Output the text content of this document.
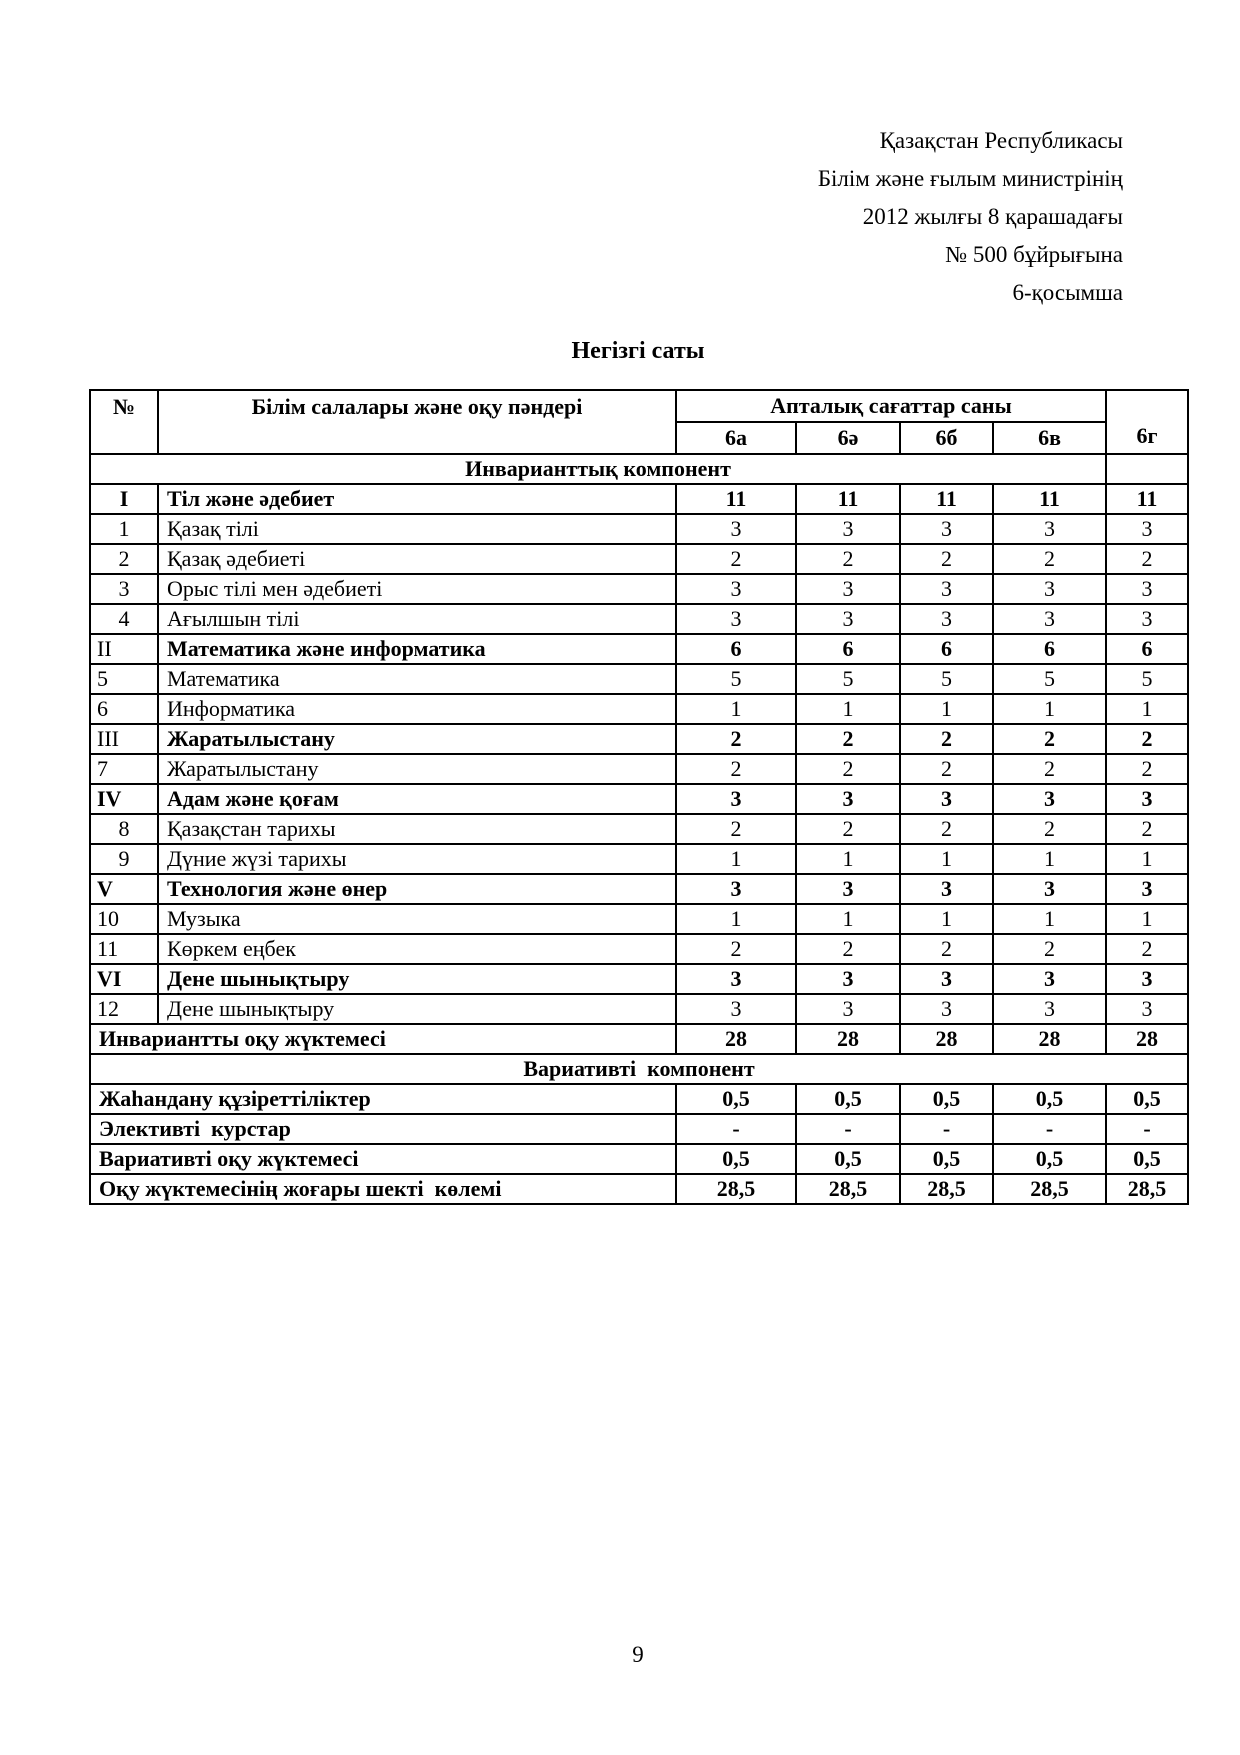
Қазақстан Республикасы
Білім және ғылым министрінің
2012 жылғы 8 қарашадағы
№ 500 бұйрығына
6-қосымша
Негізгі саты
№	Білім салалары және оқу пәндері	Апталық сағаттар саны				6г
		6а	6ә	6б	6в	
Инварианттық компонент						
I	Тіл және әдебиет	11	11	11	11	11
1	Қазақ тілі	3	3	3	3	3
2	Қазақ әдебиеті	2	2	2	2	2
3	Орыс тілі мен әдебиеті	3	3	3	3	3
4	Ағылшын тілі	3	3	3	3	3
II	Математика және информатика	6	6	6	6	6
5	Математика	5	5	5	5	5
6	Информатика	1	1	1	1	1
III	Жаратылыстану	2	2	2	2	2
7	Жаратылыстану	2	2	2	2	2
IV	Адам және қоғам	3	3	3	3	3
8	Қазақстан тарихы	2	2	2	2	2
9	Дүние жүзі тарихы	1	1	1	1	1
V	Технология және өнер	3	3	3	3	3
10	Музыка	1	1	1	1	1
11	Көркем еңбек	2	2	2	2	2
VI	Дене шынықтыру	3	3	3	3	3
12	Дене шынықтыру	3	3	3	3	3
Инвариантты оқу жүктемесі		28	28	28	28	28
Вариативті  компонент						
Жаһандану құзіреттіліктер		0,5	0,5	0,5	0,5	0,5
Элективті  курстар		-	-	-	-	-
Вариативті оқу жүктемесі		0,5	0,5	0,5	0,5	0,5
Оқу жүктемесінің жоғары шекті  көлемі		28,5	28,5	28,5	28,5	28,5
9
